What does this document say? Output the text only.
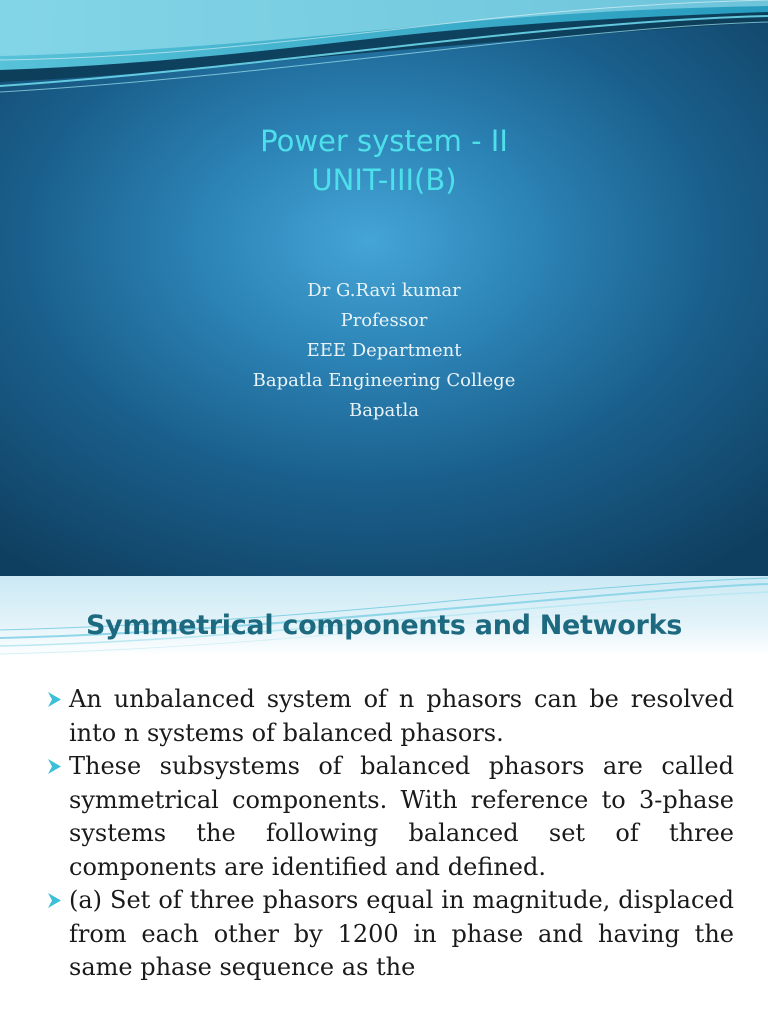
Power system - II
UNIT-III(B)
Dr G.Ravi kumar
Professor
EEE Department
Bapatla Engineering College
Bapatla
Symmetrical components and Networks
An unbalanced system of n phasors can be resolved into n systems of balanced phasors.
These subsystems of balanced phasors are called symmetrical components. With reference to 3-phase systems the following balanced set of three components are identified and defined.
(a) Set of three phasors equal in magnitude, displaced from each other by 1200 in phase and having the same phase sequence as the
